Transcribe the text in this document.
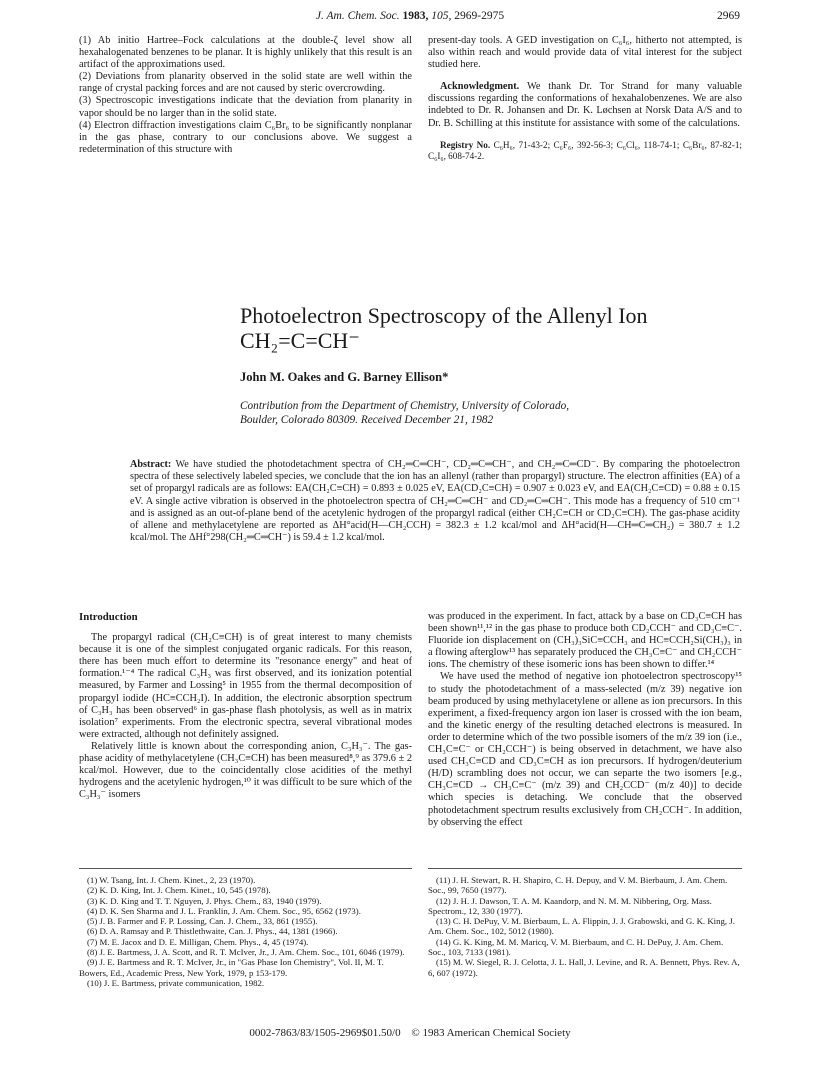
J. Am. Chem. Soc. 1983, 105, 2969-2975	2969

(1) Ab initio Hartree–Fock calculations at the double-ζ level show all hexahalogenated benzenes to be planar. It is highly unlikely that this result is an artifact of the approximations used.

(2) Deviations from planarity observed in the solid state are well within the range of crystal packing forces and are not caused by steric overcrowding.

(3) Spectroscopic investigations indicate that the deviation from planarity in vapor should be no larger than in the solid state.

(4) Electron diffraction investigations claim C₆Br₆ to be significantly nonplanar in the gas phase, contrary to our conclusions above. We suggest a redetermination of this structure with

present-day tools. A GED investigation on C₆I₆, hitherto not attempted, is also within reach and would provide data of vital interest for the subject studied here.

Acknowledgment. We thank Dr. Tor Strand for many valuable discussions regarding the conformations of hexahalobenzenes. We are also indebted to Dr. R. Johansen and Dr. K. Løchsen at Norsk Data A/S and to Dr. B. Schilling at this institute for assistance with some of the calculations.

Registry No. C₆H₆, 71-43-2; C₆F₆, 392-56-3; C₆Cl₆, 118-74-1; C₆Br₆, 87-82-1; C₆I₆, 608-74-2.

Photoelectron Spectroscopy of the Allenyl Ion
CH₂=C=CH⁻
John M. Oakes and G. Barney Ellison*
Contribution from the Department of Chemistry, University of Colorado,
Boulder, Colorado 80309. Received December 21, 1982
Abstract: We have studied the photodetachment spectra of CH₂═C═CH⁻, CD₂═C═CH⁻, and CH₂═C═CD⁻. By comparing the photoelectron spectra of these selectively labeled species, we conclude that the ion has an allenyl (rather than propargyl) structure. The electron affinities (EA) of a set of propargyl radicals are as follows: EA(CH₂C≡CH) = 0.893 ± 0.025 eV, EA(CD₂C≡CH) = 0.907 ± 0.023 eV, and EA(CH₂C≡CD) = 0.88 ± 0.15 eV. A single active vibration is observed in the photoelectron spectra of CH₂═C═CH⁻ and CD₂═C═CH⁻. This mode has a frequency of 510 cm⁻¹ and is assigned as an out-of-plane bend of the acetylenic hydrogen of the propargyl radical (either CH₂C≡CH or CD₂C≡CH). The gas-phase acidity of allene and methylacetylene are reported as ΔH°acid(H—CH₂CCH) = 382.3 ± 1.2 kcal/mol and ΔH°acid(H—CH═C═CH₂) = 380.7 ± 1.2 kcal/mol. The ΔHf°298(CH₂═C═CH⁻) is 59.4 ± 1.2 kcal/mol.

Introduction

The propargyl radical (CH₂C≡CH) is of great interest to many chemists because it is one of the simplest conjugated organic radicals. For this reason, there has been much effort to determine its "resonance energy" and heat of formation.¹⁻⁴ The radical C₃H₃ was first observed, and its ionization potential measured, by Farmer and Lossing⁵ in 1955 from the thermal decomposition of propargyl iodide (HC≡CCH₂I). In addition, the electronic absorption spectrum of C₃H₃ has been observed⁶ in gas-phase flash photolysis, as well as in matrix isolation⁷ experiments. From the electronic spectra, several vibrational modes were extracted, although not definitely assigned.

Relatively little is known about the corresponding anion, C₃H₃⁻. The gas-phase acidity of methylacetylene (CH₃C≡CH) has been measured⁸,⁹ as 379.6 ± 2 kcal/mol. However, due to the coincidentally close acidities of the methyl hydrogens and the acetylenic hydrogen,¹⁰ it was difficult to be sure which of the C₃H₃⁻ isomers

was produced in the experiment. In fact, attack by a base on CD₃C≡CH has been shown¹¹,¹² in the gas phase to produce both CD₂CCH⁻ and CD₃C≡C⁻. Fluoride ion displacement on (CH₃)₃SiC≡CCH₃ and HC≡CCH₂Si(CH₃)₃ in a flowing afterglow¹³ has separately produced the CH₃C≡C⁻ and CH₂CCH⁻ ions. The chemistry of these isomeric ions has been shown to differ.¹⁴

We have used the method of negative ion photoelectron spectroscopy¹⁵ to study the photodetachment of a mass-selected (m/z 39) negative ion beam produced by using methylacetylene or allene as ion precursors. In this experiment, a fixed-frequency argon ion laser is crossed with the ion beam, and the kinetic energy of the resulting detached electrons is measured. In order to determine which of the two possible isomers of the m/z 39 ion (i.e., CH₃C≡C⁻ or CH₂CCH⁻) is being observed in detachment, we have also used CH₃C≡CD and CD₃C≡CH as ion precursors. If hydrogen/deuterium (H/D) scrambling does not occur, we can separte the two isomers [e.g., CH₃C≡CD → CH₃C≡C⁻ (m/z 39) and CH₂CCD⁻ (m/z 40)] to decide which species is detaching. We conclude that the observed photodetachment spectrum results exclusively from CH₂CCH⁻. In addition, by observing the effect

(1) W. Tsang, Int. J. Chem. Kinet., 2, 23 (1970).

(2) K. D. King, Int. J. Chem. Kinet., 10, 545 (1978).

(3) K. D. King and T. T. Nguyen, J. Phys. Chem., 83, 1940 (1979).

(4) D. K. Sen Sharma and J. L. Franklin, J. Am. Chem. Soc., 95, 6562 (1973).

(5) J. B. Farmer and F. P. Lossing, Can. J. Chem., 33, 861 (1955).

(6) D. A. Ramsay and P. Thistlethwaite, Can. J. Phys., 44, 1381 (1966).

(7) M. E. Jacox and D. E. Milligan, Chem. Phys., 4, 45 (1974).

(8) J. E. Bartmess, J. A. Scott, and R. T. McIver, Jr., J. Am. Chem. Soc., 101, 6046 (1979).

(9) J. E. Bartmess and R. T. McIver, Jr., in "Gas Phase Ion Chemistry", Vol. II, M. T. Bowers, Ed., Academic Press, New York, 1979, p 153-179.

(10) J. E. Bartmess, private communication, 1982.

(11) J. H. Stewart, R. H. Shapiro, C. H. Depuy, and V. M. Bierbaum, J. Am. Chem. Soc., 99, 7650 (1977).

(12) J. H. J. Dawson, T. A. M. Kaandorp, and N. M. M. Nibbering, Org. Mass. Spectrom., 12, 330 (1977).

(13) C. H. DePuy, V. M. Bierbaum, L. A. Flippin, J. J. Grabowski, and G. K. King, J. Am. Chem. Soc., 102, 5012 (1980).

(14) G. K. King, M. M. Maricq, V. M. Bierbaum, and C. H. DePuy, J. Am. Chem. Soc., 103, 7133 (1981).

(15) M. W. Siegel, R. J. Celotta, J. L. Hall, J. Levine, and R. A. Bennett, Phys. Rev. A, 6, 607 (1972).

0002-7863/83/1505-2969$01.50/0 © 1983 American Chemical Society
